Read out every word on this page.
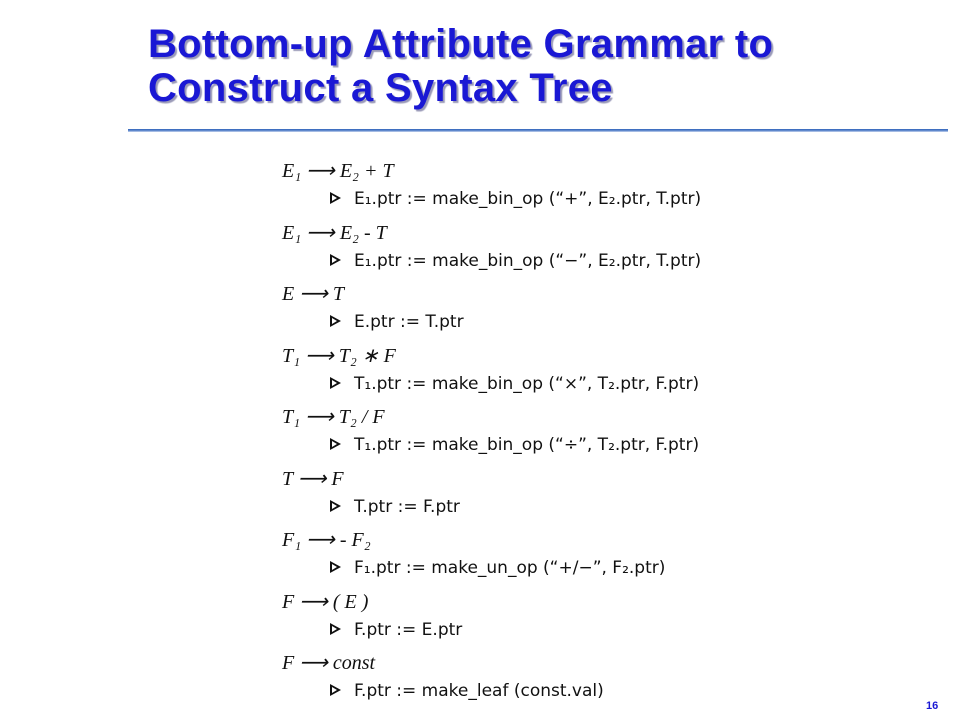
Bottom-up Attribute Grammar to
Construct a Syntax Tree
E₁ ⟶ E₂ + T
E₁.ptr := make_bin_op (“+”, E₂.ptr, T.ptr)
E₁ ⟶ E₂ - T
E₁.ptr := make_bin_op (“−”, E₂.ptr, T.ptr)
E ⟶ T
E.ptr := T.ptr
T₁ ⟶ T₂ ∗ F
T₁.ptr := make_bin_op (“×”, T₂.ptr, F.ptr)
T₁ ⟶ T₂ / F
T₁.ptr := make_bin_op (“÷”, T₂.ptr, F.ptr)
T ⟶ F
T.ptr := F.ptr
F₁ ⟶ - F₂
F₁.ptr := make_un_op (“+/−”, F₂.ptr)
F ⟶ ( E )
F.ptr := E.ptr
F ⟶ const
F.ptr := make_leaf (const.val)
16
